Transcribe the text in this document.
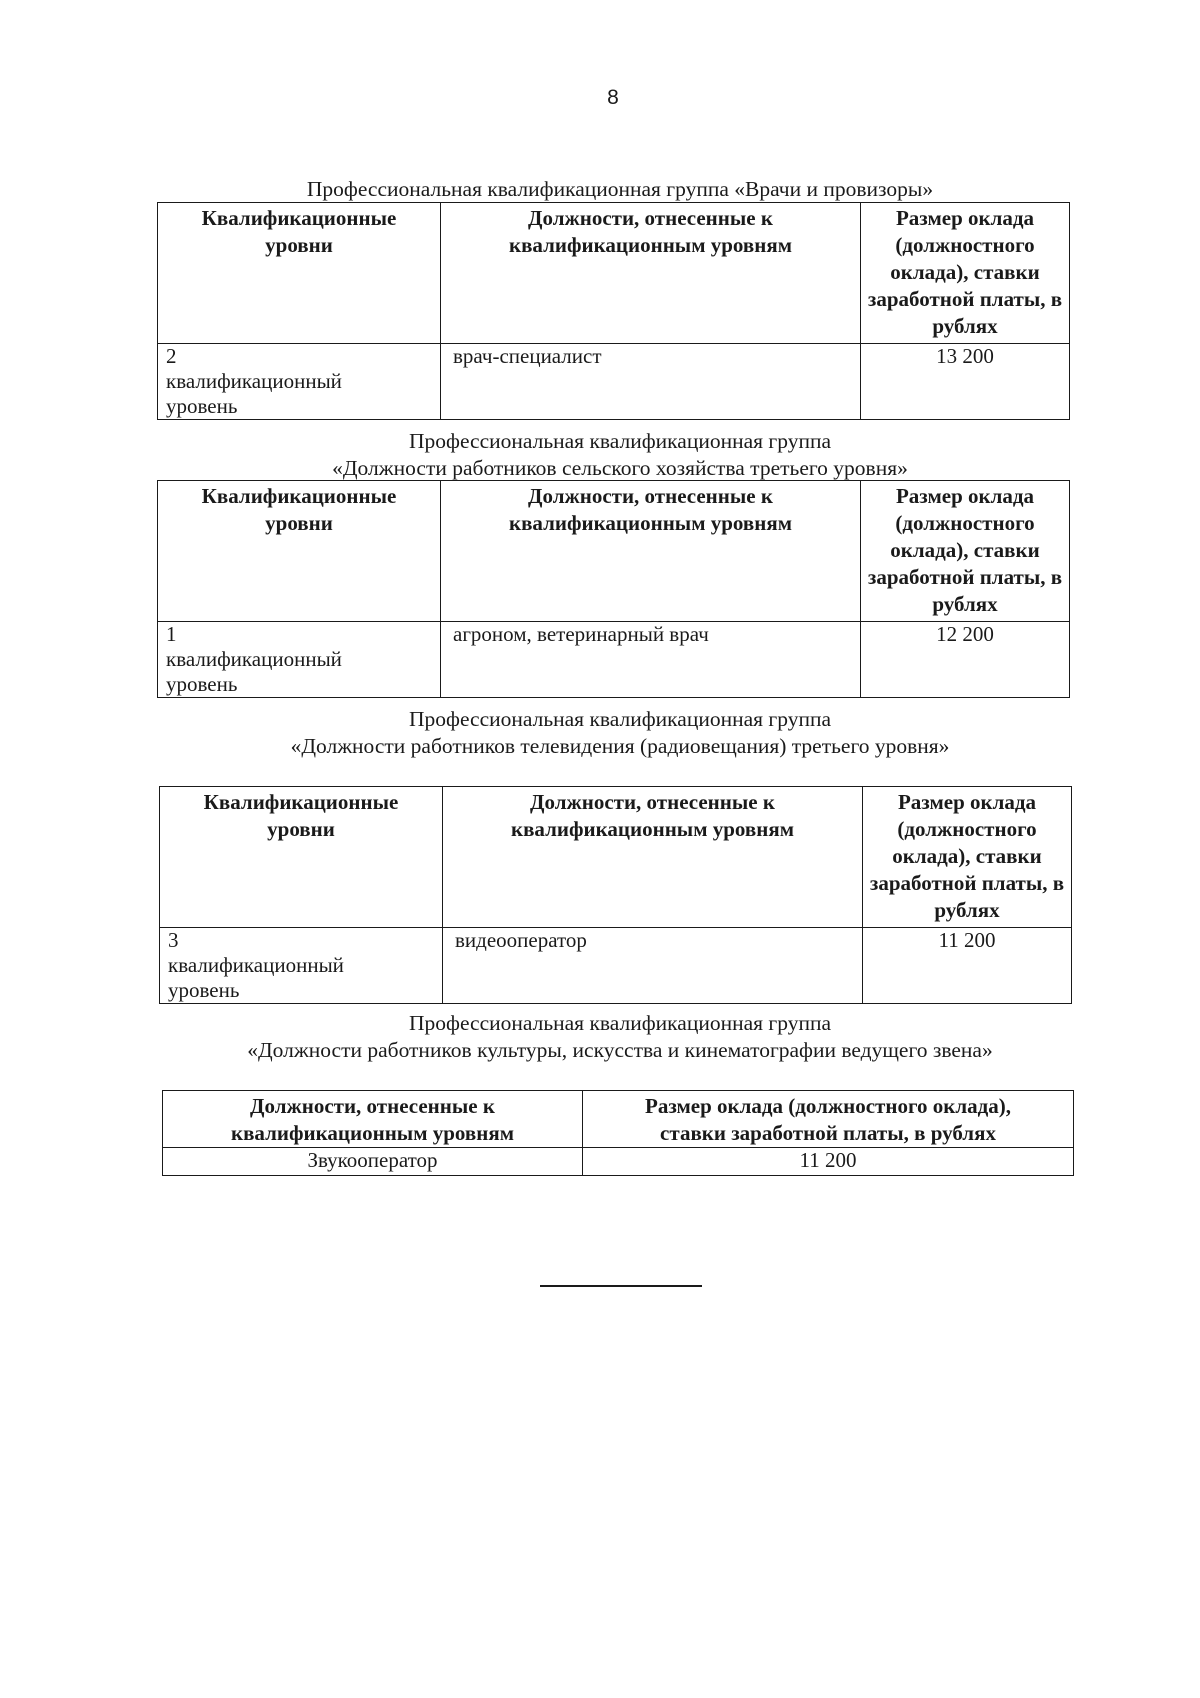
8
Профессиональная квалификационная группа «Врачи и провизоры»
Квалификационные уровни	Должности, отнесенные к квалификационным уровням	Размер оклада (должностного оклада), ставки заработной платы, в рублях
2 квалификационный уровень	врач-специалист	13 200
Профессиональная квалификационная группа
«Должности работников сельского хозяйства третьего уровня»
Квалификационные уровни	Должности, отнесенные к квалификационным уровням	Размер оклада (должностного оклада), ставки заработной платы, в рублях
1 квалификационный уровень	агроном, ветеринарный врач	12 200
Профессиональная квалификационная группа
«Должности работников телевидения (радиовещания) третьего уровня»
Квалификационные уровни	Должности, отнесенные к квалификационным уровням	Размер оклада (должностного оклада), ставки заработной платы, в рублях
3 квалификационный уровень	видеооператор	11 200
Профессиональная квалификационная группа
«Должности работников культуры, искусства и кинематографии ведущего звена»
Должности, отнесенные к квалификационным уровням	Размер оклада (должностного оклада), ставки заработной платы, в рублях
Звукооператор	11 200
